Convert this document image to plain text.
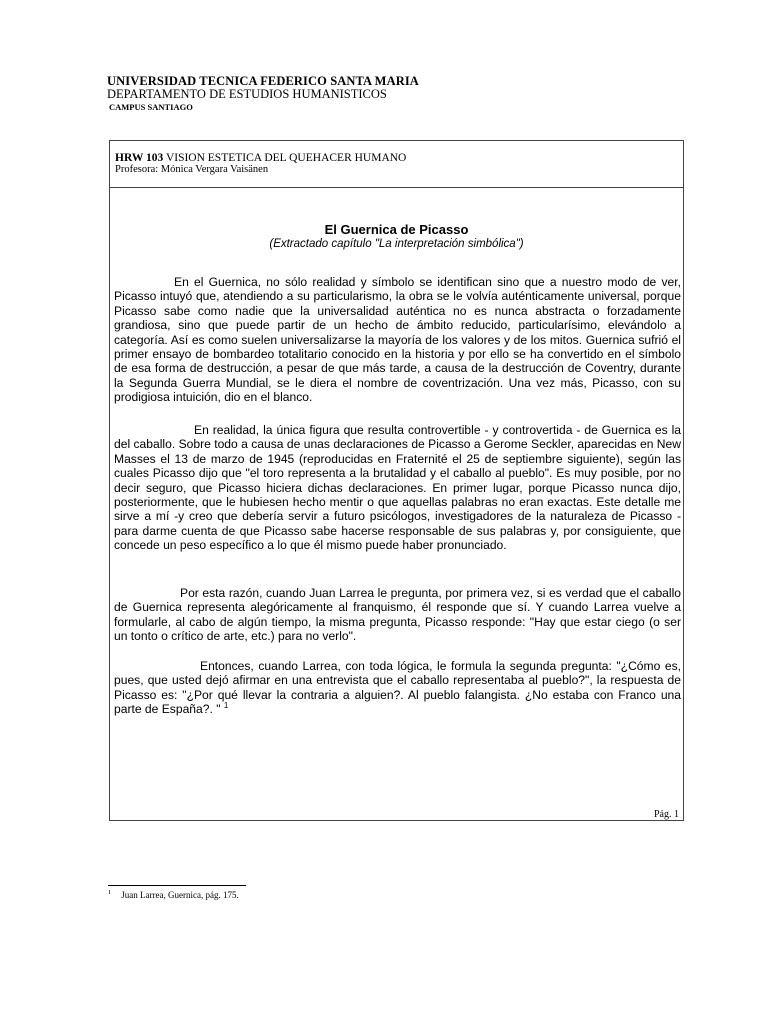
UNIVERSIDAD TECNICA FEDERICO SANTA MARIA
DEPARTAMENTO DE ESTUDIOS HUMANISTICOS
CAMPUS SANTIAGO
HRW 103 VISION ESTETICA DEL QUEHACER HUMANO
Profesora: Mónica Vergara Vaisänen
El Guernica de Picasso
(Extractado capítulo "La interpretación simbólica")

En el Guernica, no sólo realidad y símbolo se identifican sino que a nuestro modo de ver, Picasso intuyó que, atendiendo a su particularismo, la obra se le volvía auténticamente universal, porque Picasso sabe como nadie que la universalidad auténtica no es nunca abstracta o forzadamente grandiosa, sino que puede partir de un hecho de ámbito reducido, particularísimo, elevándolo a categoría. Así es como suelen universalizarse la mayoría de los valores y de los mitos. Guernica sufrió el primer ensayo de bombardeo totalitario conocido en la historia y por ello se ha convertido en el símbolo de esa forma de destrucción, a pesar de que más tarde, a causa de la destrucción de Coventry, durante la Segunda Guerra Mundial, se le diera el nombre de coventrización. Una vez más, Picasso, con su prodigiosa intuición, dio en el blanco.

En realidad, la única figura que resulta controvertible - y controvertida - de Guernica es la del caballo. Sobre todo a causa de unas declaraciones de Picasso a Gerome Seckler, aparecidas en New Masses el 13 de marzo de 1945 (reproducidas en Fraternité el 25 de septiembre siguiente), según las cuales Picasso dijo que "el toro representa a la brutalidad y el caballo al pueblo". Es muy posible, por no decir seguro, que Picasso hiciera dichas declaraciones. En primer lugar, porque Picasso nunca dijo, posteriormente, que le hubiesen hecho mentir o que aquellas palabras no eran exactas. Este detalle me sirve a mí -y creo que debería servir a futuro psicólogos, investigadores de la naturaleza de Picasso - para darme cuenta de que Picasso sabe hacerse responsable de sus palabras y, por consiguiente, que concede un peso específico a lo que él mismo puede haber pronunciado.

Por esta razón, cuando Juan Larrea le pregunta, por primera vez, si es verdad que el caballo de Guernica representa alegóricamente al franquismo, él responde que sí. Y cuando Larrea vuelve a formularle, al cabo de algún tiempo, la misma pregunta, Picasso responde: "Hay que estar ciego (o ser un tonto o crítico de arte, etc.) para no verlo".

Entonces, cuando Larrea, con toda lógica, le formula la segunda pregunta: "¿Cómo es, pues, que usted dejó afirmar en una entrevista que el caballo representaba al pueblo?", la respuesta de Picasso es: "¿Por qué llevar la contraria a alguien?. Al pueblo falangista. ¿No estaba con Franco una parte de España?. " $^1$

Pág. 1
$^1$ Juan Larrea, Guernica, pág. 175.
